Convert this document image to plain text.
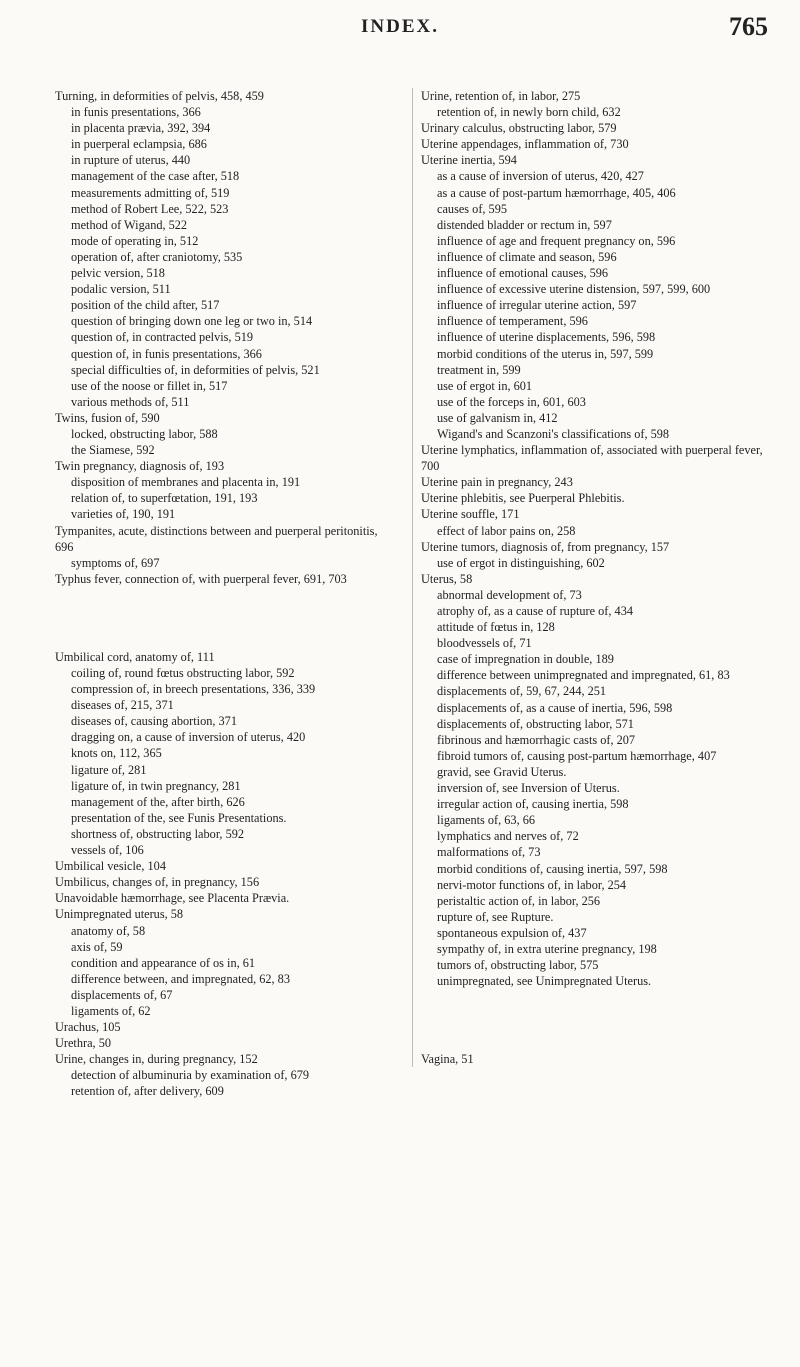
INDEX.	765

Turning, in deformities of pelvis, 458, 459

in funis presentations, 366

in placenta prævia, 392, 394

in puerperal eclampsia, 686

in rupture of uterus, 440

management of the case after, 518

measurements admitting of, 519

method of Robert Lee, 522, 523

method of Wigand, 522

mode of operating in, 512

operation of, after craniotomy, 535

pelvic version, 518

podalic version, 511

position of the child after, 517

question of bringing down one leg or two in, 514

question of, in contracted pelvis, 519

question of, in funis presentations, 366

special difficulties of, in deformities of pelvis, 521

use of the noose or fillet in, 517

various methods of, 511

Twins, fusion of, 590

locked, obstructing labor, 588

the Siamese, 592

Twin pregnancy, diagnosis of, 193

disposition of membranes and placenta in, 191

relation of, to superfœtation, 191, 193

varieties of, 190, 191

Tympanites, acute, distinctions between and puerperal peritonitis, 696

symptoms of, 697

Typhus fever, connection of, with puerperal fever, 691, 703

Umbilical cord, anatomy of, 111

coiling of, round fœtus obstructing labor, 592

compression of, in breech presentations, 336, 339

diseases of, 215, 371

diseases of, causing abortion, 371

dragging on, a cause of inversion of uterus, 420

knots on, 112, 365

ligature of, 281

ligature of, in twin pregnancy, 281

management of the, after birth, 626

presentation of the, see Funis Presentations.

shortness of, obstructing labor, 592

vessels of, 106

Umbilical vesicle, 104

Umbilicus, changes of, in pregnancy, 156

Unavoidable hæmorrhage, see Placenta Prævia.

Unimpregnated uterus, 58

anatomy of, 58

axis of, 59

condition and appearance of os in, 61

difference between, and impregnated, 62, 83

displacements of, 67

ligaments of, 62

Urachus, 105

Urethra, 50

Urine, changes in, during pregnancy, 152

detection of albuminuria by examination of, 679

retention of, after delivery, 609

Urine, retention of, in labor, 275

retention of, in newly born child, 632

Urinary calculus, obstructing labor, 579

Uterine appendages, inflammation of, 730

Uterine inertia, 594

as a cause of inversion of uterus, 420, 427

as a cause of post-partum hæmorrhage, 405, 406

causes of, 595

distended bladder or rectum in, 597

influence of age and frequent pregnancy on, 596

influence of climate and season, 596

influence of emotional causes, 596

influence of excessive uterine distension, 597, 599, 600

influence of irregular uterine action, 597

influence of temperament, 596

influence of uterine displacements, 596, 598

morbid conditions of the uterus in, 597, 599

treatment in, 599

use of ergot in, 601

use of the forceps in, 601, 603

use of galvanism in, 412

Wigand's and Scanzoni's classifications of, 598

Uterine lymphatics, inflammation of, associated with puerperal fever, 700

Uterine pain in pregnancy, 243

Uterine phlebitis, see Puerperal Phlebitis.

Uterine souffle, 171

effect of labor pains on, 258

Uterine tumors, diagnosis of, from pregnancy, 157

use of ergot in distinguishing, 602

Uterus, 58

abnormal development of, 73

atrophy of, as a cause of rupture of, 434

attitude of fœtus in, 128

bloodvessels of, 71

case of impregnation in double, 189

difference between unimpregnated and impregnated, 61, 83

displacements of, 59, 67, 244, 251

displacements of, as a cause of inertia, 596, 598

displacements of, obstructing labor, 571

fibrinous and hæmorrhagic casts of, 207

fibroid tumors of, causing post-partum hæmorrhage, 407

gravid, see Gravid Uterus.

inversion of, see Inversion of Uterus.

irregular action of, causing inertia, 598

ligaments of, 63, 66

lymphatics and nerves of, 72

malformations of, 73

morbid conditions of, causing inertia, 597, 598

nervi-motor functions of, in labor, 254

peristaltic action of, in labor, 256

rupture of, see Rupture.

spontaneous expulsion of, 437

sympathy of, in extra uterine pregnancy, 198

tumors of, obstructing labor, 575

unimpregnated, see Unimpregnated Uterus.

Vagina, 51
